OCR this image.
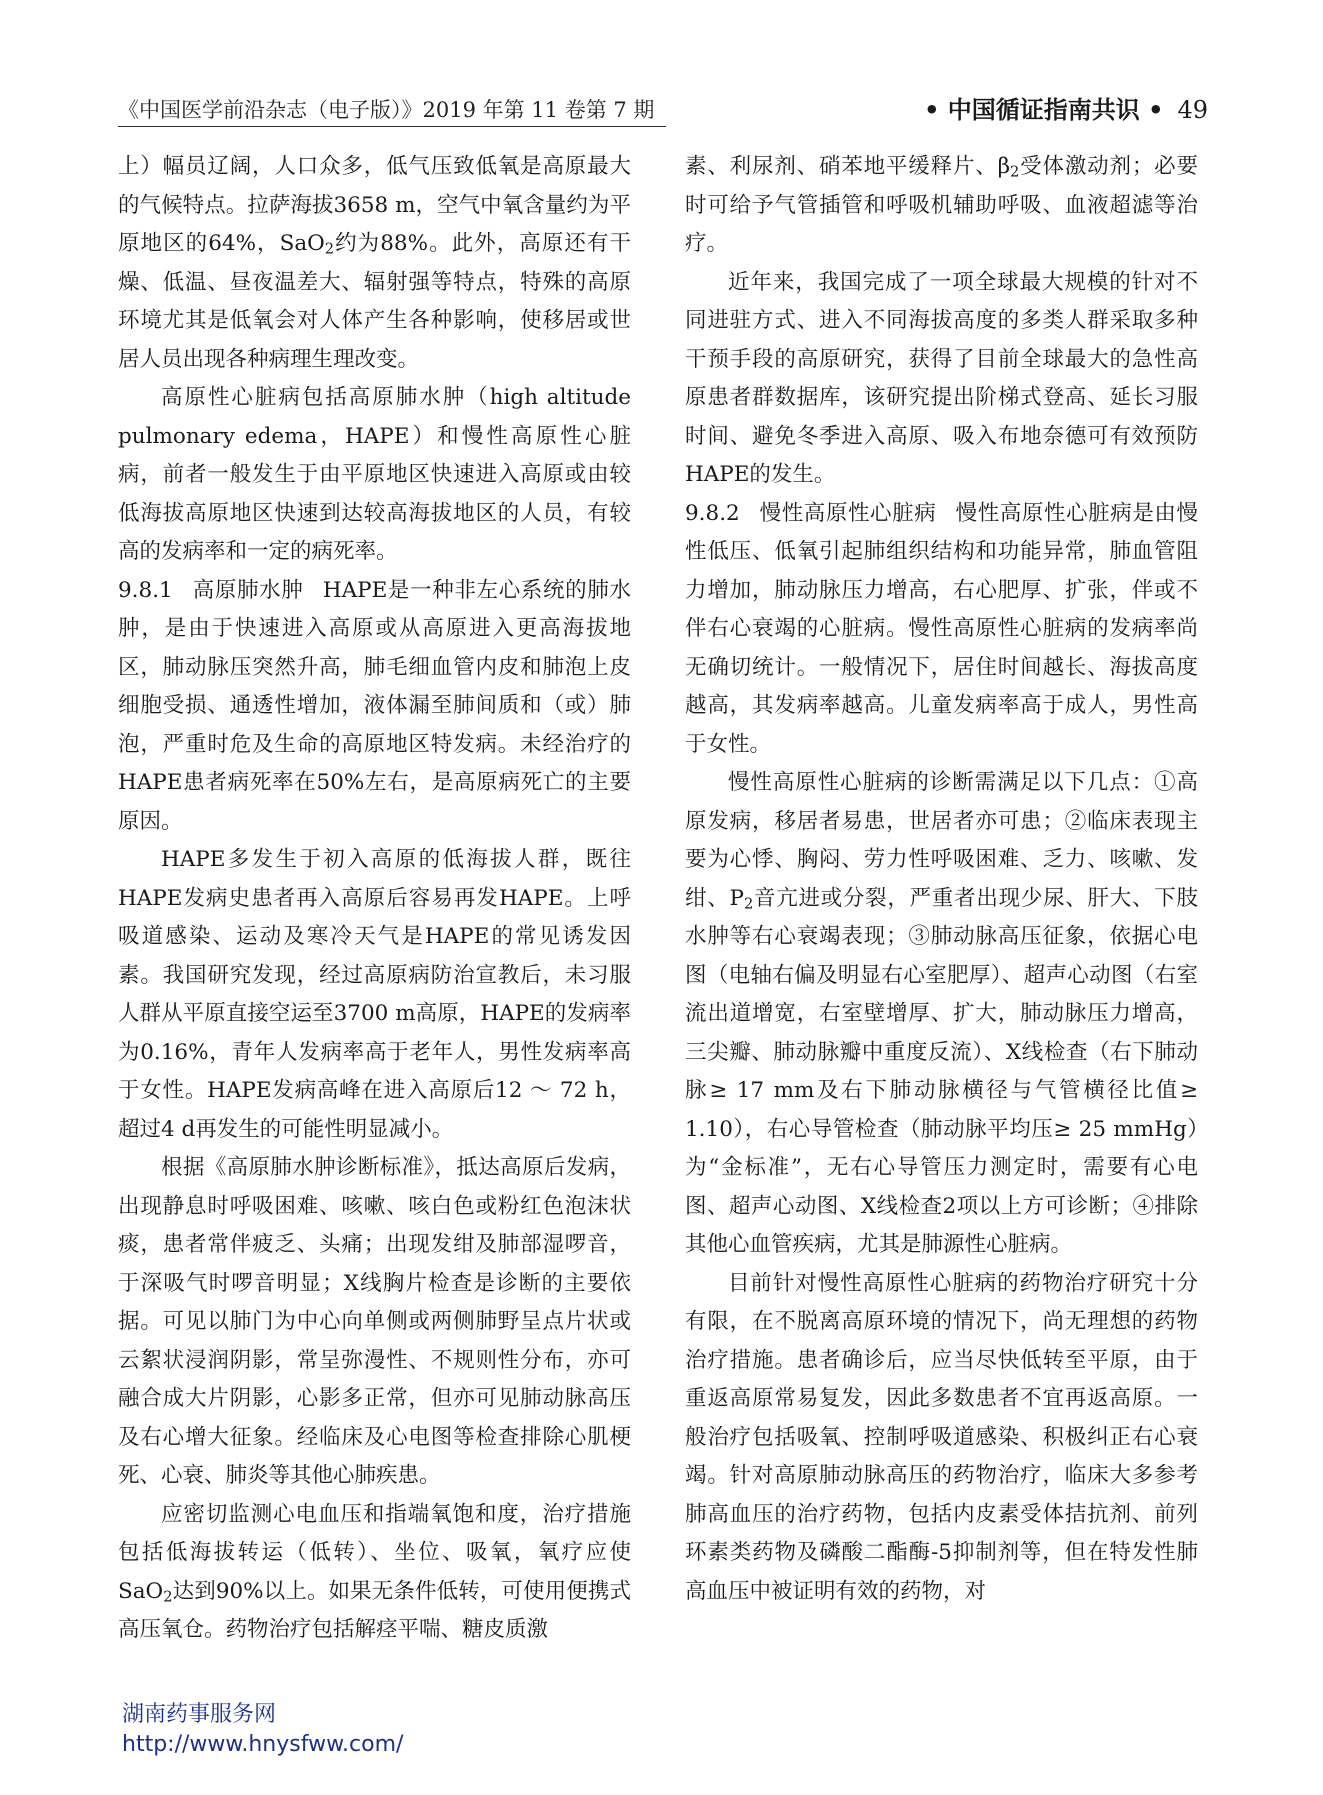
《中国医学前沿杂志（电子版）》2019 年第 11 卷第 7 期	• 中国循证指南共识 • 49

上）幅员辽阔，人口众多，低气压致低氧是高原最大的气候特点。拉萨海拔3658 m，空气中氧含量约为平原地区的64%，SaO$_2$约为88%。此外，高原还有干燥、低温、昼夜温差大、辐射强等特点，特殊的高原环境尤其是低氧会对人体产生各种影响，使移居或世居人员出现各种病理生理改变。

高原性心脏病包括高原肺水肿（high altitude pulmonary edema，HAPE）和慢性高原性心脏病，前者一般发生于由平原地区快速进入高原或由较低海拔高原地区快速到达较高海拔地区的人员，有较高的发病率和一定的病死率。

9.8.1 高原肺水肿 HAPE是一种非左心系统的肺水肿，是由于快速进入高原或从高原进入更高海拔地区，肺动脉压突然升高，肺毛细血管内皮和肺泡上皮细胞受损、通透性增加，液体漏至肺间质和（或）肺泡，严重时危及生命的高原地区特发病。未经治疗的HAPE患者病死率在50%左右，是高原病死亡的主要原因。

HAPE多发生于初入高原的低海拔人群，既往HAPE发病史患者再入高原后容易再发HAPE。上呼吸道感染、运动及寒冷天气是HAPE的常见诱发因素。我国研究发现，经过高原病防治宣教后，未习服人群从平原直接空运至3700 m高原，HAPE的发病率为0.16%，青年人发病率高于老年人，男性发病率高于女性。HAPE发病高峰在进入高原后12 ～ 72 h，超过4 d再发生的可能性明显减小。

根据《高原肺水肿诊断标准》，抵达高原后发病，出现静息时呼吸困难、咳嗽、咳白色或粉红色泡沫状痰，患者常伴疲乏、头痛；出现发绀及肺部湿啰音，于深吸气时啰音明显；X线胸片检查是诊断的主要依据。可见以肺门为中心向单侧或两侧肺野呈点片状或云絮状浸润阴影，常呈弥漫性、不规则性分布，亦可融合成大片阴影，心影多正常，但亦可见肺动脉高压及右心增大征象。经临床及心电图等检查排除心肌梗死、心衰、肺炎等其他心肺疾患。

应密切监测心电血压和指端氧饱和度，治疗措施包括低海拔转运（低转）、坐位、吸氧，氧疗应使SaO$_2$达到90%以上。如果无条件低转，可使用便携式高压氧仓。药物治疗包括解痉平喘、糖皮质激

素、利尿剂、硝苯地平缓释片、$\beta_2$受体激动剂；必要时可给予气管插管和呼吸机辅助呼吸、血液超滤等治疗。

近年来，我国完成了一项全球最大规模的针对不同进驻方式、进入不同海拔高度的多类人群采取多种干预手段的高原研究，获得了目前全球最大的急性高原患者群数据库，该研究提出阶梯式登高、延长习服时间、避免冬季进入高原、吸入布地奈德可有效预防HAPE的发生。

9.8.2 慢性高原性心脏病 慢性高原性心脏病是由慢性低压、低氧引起肺组织结构和功能异常，肺血管阻力增加，肺动脉压力增高，右心肥厚、扩张，伴或不伴右心衰竭的心脏病。慢性高原性心脏病的发病率尚无确切统计。一般情况下，居住时间越长、海拔高度越高，其发病率越高。儿童发病率高于成人，男性高于女性。

慢性高原性心脏病的诊断需满足以下几点：①高原发病，移居者易患，世居者亦可患；②临床表现主要为心悸、胸闷、劳力性呼吸困难、乏力、咳嗽、发绀、$P_2$音亢进或分裂，严重者出现少尿、肝大、下肢水肿等右心衰竭表现；③肺动脉高压征象，依据心电图（电轴右偏及明显右心室肥厚）、超声心动图（右室流出道增宽，右室壁增厚、扩大，肺动脉压力增高，三尖瓣、肺动脉瓣中重度反流）、X线检查（右下肺动脉≥ 17 mm及右下肺动脉横径与气管横径比值≥ 1.10），右心导管检查（肺动脉平均压≥ 25 mmHg）为“金标准”，无右心导管压力测定时，需要有心电图、超声心动图、X线检查2项以上方可诊断；④排除其他心血管疾病，尤其是肺源性心脏病。

目前针对慢性高原性心脏病的药物治疗研究十分有限，在不脱离高原环境的情况下，尚无理想的药物治疗措施。患者确诊后，应当尽快低转至平原，由于重返高原常易复发，因此多数患者不宜再返高原。一般治疗包括吸氧、控制呼吸道感染、积极纠正右心衰竭。针对高原肺动脉高压的药物治疗，临床大多参考肺高血压的治疗药物，包括内皮素受体拮抗剂、前列环素类药物及磷酸二酯酶-5抑制剂等，但在特发性肺高血压中被证明有效的药物，对

湖南药事服务网
http://www.hnysfww.com/
